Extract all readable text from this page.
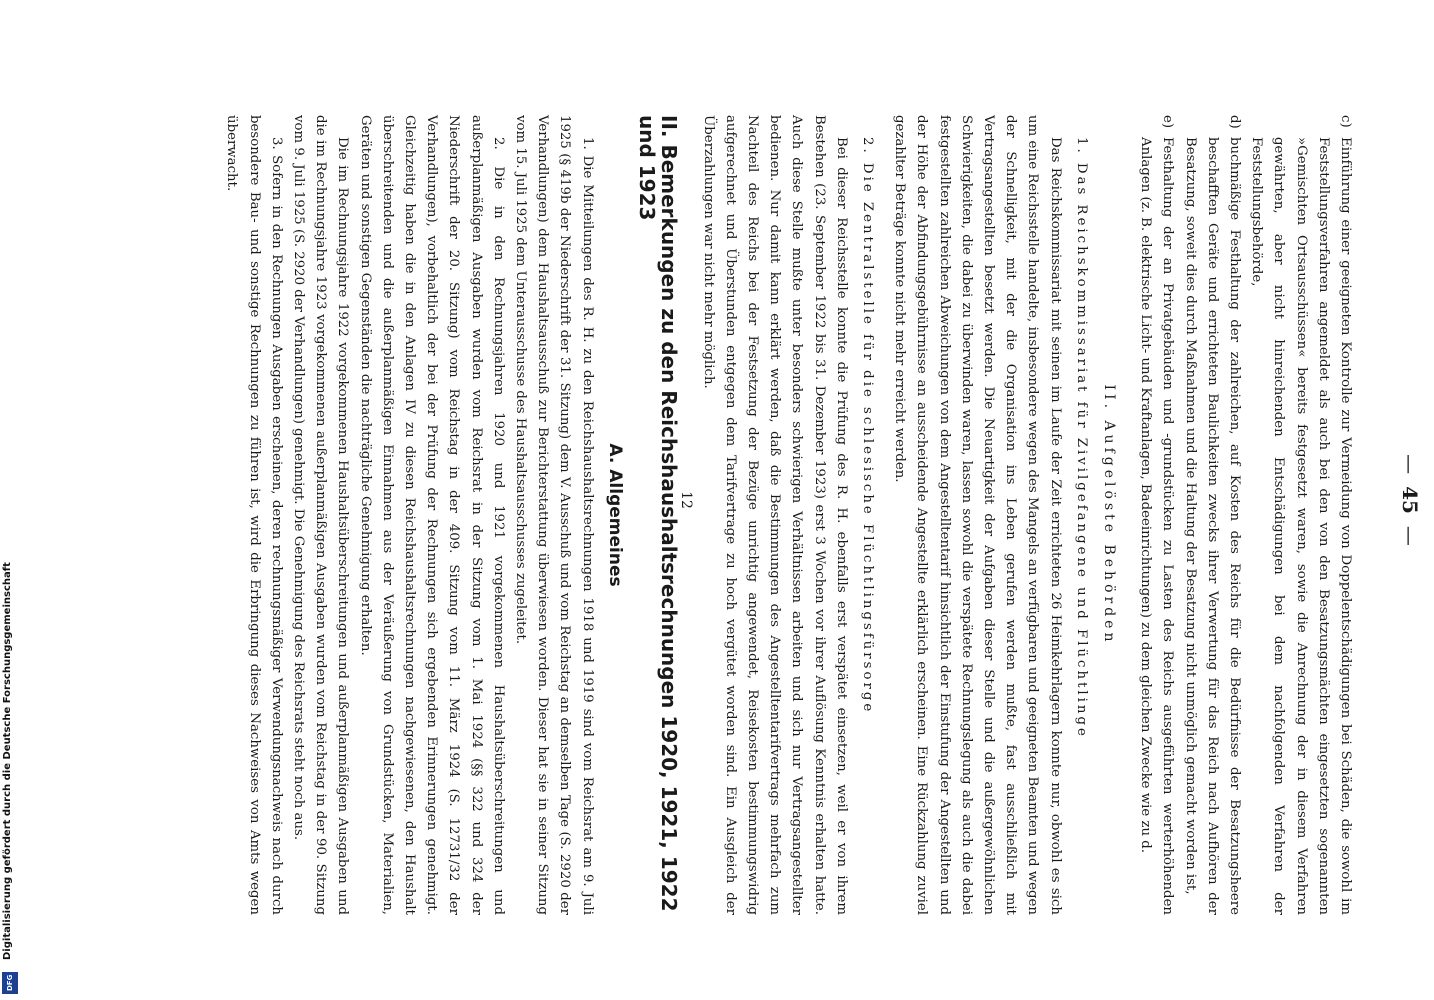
—45—
c)
Einführung einer geeigneten Kontrolle zur Vermeidung von Doppelentschädigungen bei Schäden, die sowohl im Feststellungsverfahren angemeldet als auch bei den von den Besatzungsmächten eingesetzten sogenannten »Gemischten Ortsausschüssen« bereits festgesetzt waren, sowie die Anrechnung der in diesem Verfahren gewährten, aber nicht hinreichenden Entschädigungen bei dem nachfolgenden Verfahren der Feststellungsbehörde,
d)
buchmäßige Festhaltung der zahlreichen, auf Kosten des Reichs für die Bedürfnisse der Besatzungsheere beschafften Geräte und errichteten Baulichkeiten zwecks ihrer Verwertung für das Reich nach Aufhören der Besatzung, soweit dies durch Maßnahmen und die Haltung der Besatzung nicht unmöglich gemacht worden ist,
e)
Festhaltung der an Privatgebäuden und -grundstücken zu Lasten des Reichs ausgeführten werterhöhenden Anlagen (z. B. elektrische Licht- und Kraftanlagen, Badeeinrichtungen) zu dem gleichen Zwecke wie zu d.
II. Aufgelöste Behörden

1. Das Reichskommissariat für Zivilgefangene und Flüchtlinge

Das Reichskommissariat mit seinen im Laufe der Zeit errichteten 26 Heimkehrlagern konnte nur, obwohl es sich um eine Reichsstelle handelte, insbesondere wegen des Mangels an verfügbaren und geeigneten Beamten und wegen der Schnelligkeit, mit der die Organisation ins Leben gerufen werden mußte, fast ausschließlich mit Vertragsangestellten besetzt werden. Die Neuartigkeit der Aufgaben dieser Stelle und die außergewöhnlichen Schwierigkeiten, die dabei zu überwinden waren, lassen sowohl die verspätete Rechnungslegung als auch die dabei festgestellten zahlreichen Abweichungen von dem Angestelltentarif hinsichtlich der Einstufung der Angestellten und der Höhe der Abfindungsgebührnisse an ausscheidende Angestellte erklärlich erscheinen. Eine Rückzahlung zuviel gezahlter Beträge konnte nicht mehr erreicht werden.

2. Die Zentralstelle für die schlesische Flüchtlingsfürsorge

Bei dieser Reichsstelle konnte die Prüfung des R. H. ebenfalls erst verspätet einsetzen, weil er von ihrem Bestehen (23. September 1922 bis 31. Dezember 1923) erst 3 Wochen vor ihrer Auflösung Kenntnis erhalten hatte. Auch diese Stelle mußte unter besonders schwierigen Verhältnissen arbeiten und sich nur Vertragsangestellter bedienen. Nur damit kann erklärt werden, daß die Bestimmungen des Angestelltentarifvertrags mehrfach zum Nachteil des Reichs bei der Festsetzung der Bezüge unrichtig angewendet, Reisekosten bestimmungswidrig aufgerechnet und Überstunden entgegen dem Tarifvertrage zu hoch vergütet worden sind. Ein Ausgleich der Überzahlungen war nicht mehr möglich.

II. Bemerkungen zu den Reichshaushaltsrechnungen 1920, 1921, 1922 und 1923
A. Allgemeines

1. Die Mitteilungen des R. H. zu den Reichshaushaltsrechnungen 1918 und 1919 sind vom Reichsrat am 9. Juli 1925 (§ 419b der Niederschrift der 31. Sitzung) dem V. Ausschuß und vom Reichstag an demselben Tage (S. 2920 der Verhandlungen) dem Haushaltsausschuß zur Berichterstattung überwiesen worden. Dieser hat sie in seiner Sitzung vom 15. Juli 1925 dem Unterausschusse des Haushaltsausschusses zugeleitet.

2. Die in den Rechnungsjahren 1920 und 1921 vorgekommenen Haushaltsüberschreitungen und außerplanmäßigen Ausgaben wurden vom Reichsrat in der Sitzung vom 1. Mai 1924 (§§ 322 und 324 der Niederschrift der 20. Sitzung) vom Reichstag in der 409. Sitzung vom 11. März 1924 (S. 12731/32 der Verhandlungen), vorbehaltlich der bei der Prüfung der Rechnungen sich ergebenden Erinnerungen genehmigt. Gleichzeitig haben die in den Anlagen IV zu diesen Reichshaushaltsrechnungen nachgewiesenen, den Haushalt überschreitenden und die außerplanmäßigen Einnahmen aus der Veräußerung von Grundstücken, Materialien, Geräten und sonstigen Gegenständen die nachträgliche Genehmigung erhalten.

Die im Rechnungsjahre 1922 vorgekommenen Haushaltsüberschreitungen und außerplanmäßigen Ausgaben und die im Rechnungsjahre 1923 vorgekommenen außerplanmäßigen Ausgaben wurden vom Reichstag in der 90. Sitzung vom 9. Juli 1925 (S. 2920 der Verhandlungen) genehmigt. Die Genehmigung des Reichsrats steht noch aus.

3. Sofern in den Rechnungen Ausgaben erscheinen, deren rechnungsmäßiger Verwendungsnachweis nach durch besondere Bau- und sonstige Rechnungen zu führen ist, wird die Erbringung dieses Nachweises von Amts wegen überwacht.

12
Digitalisierung gefördert durch die Deutsche Forschungsgemeinschaft
DFG
